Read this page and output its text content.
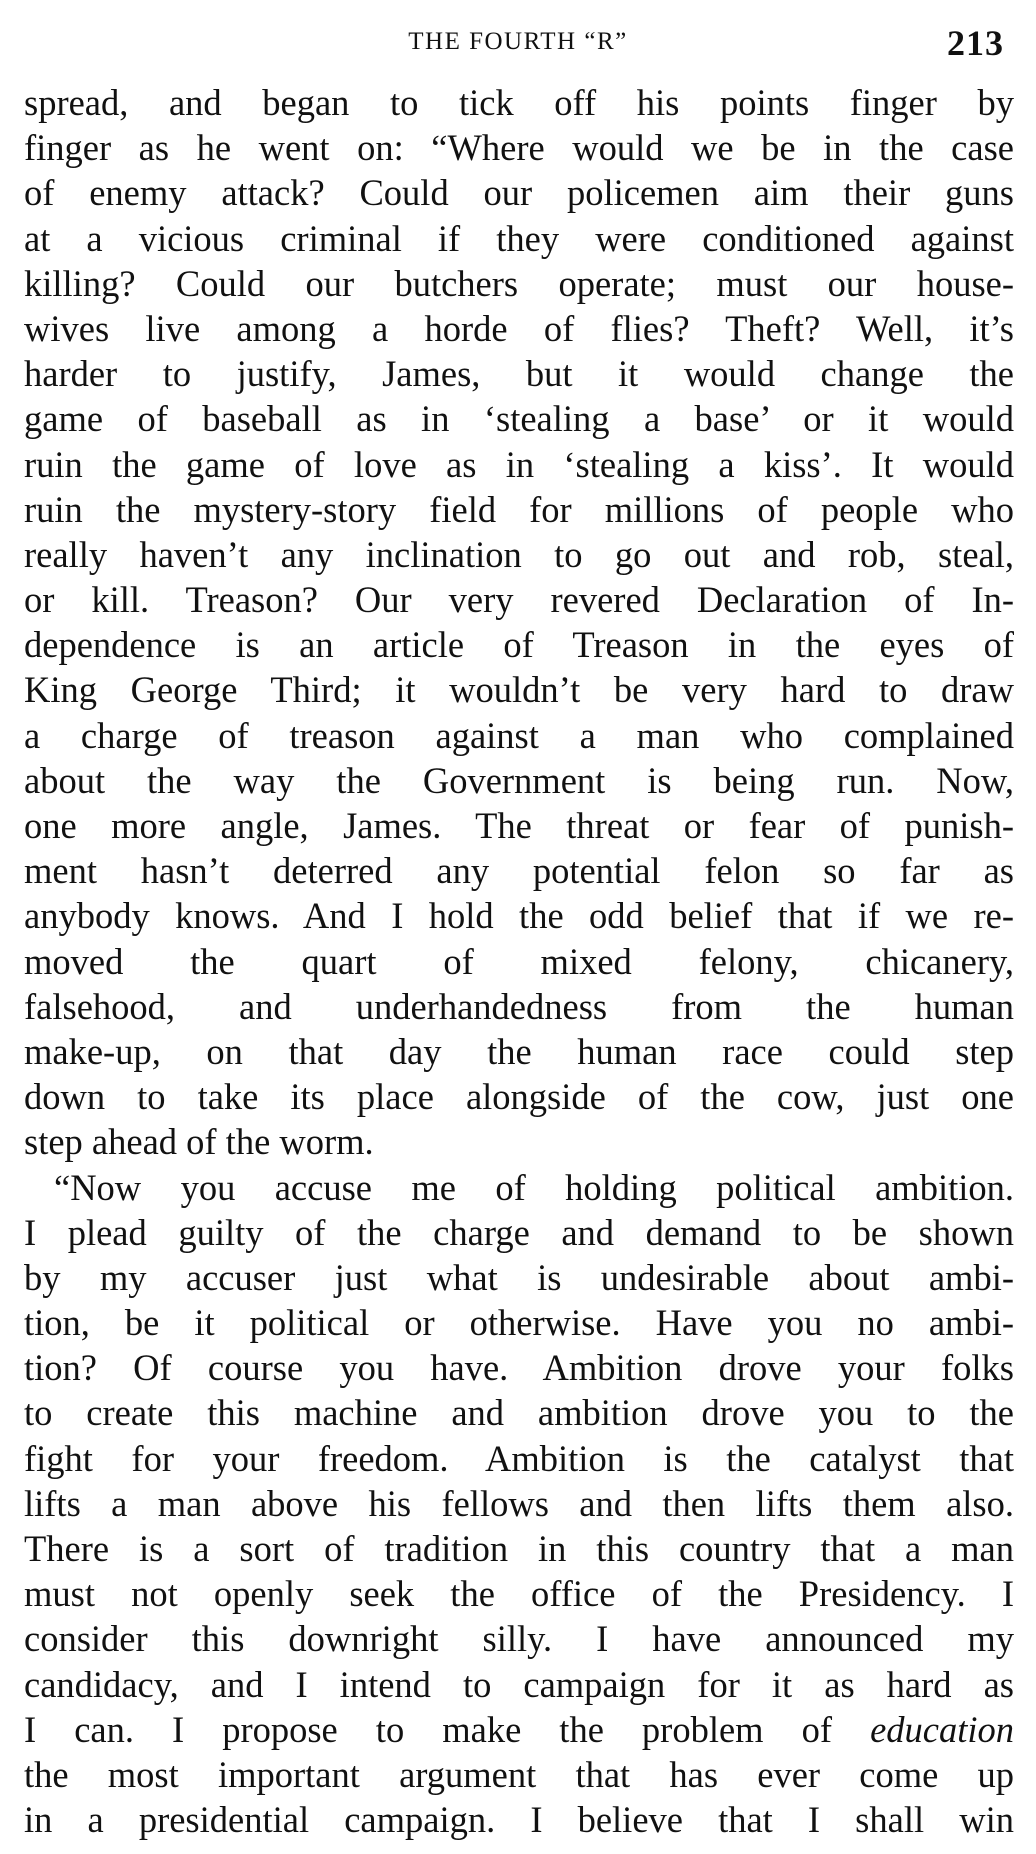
THE FOURTH “R”	213
spread, and began to tick off his points finger by
finger as he went on: “Where would we be in the case
of enemy attack? Could our policemen aim their guns
at a vicious criminal if they were conditioned against
killing? Could our butchers operate; must our house-
wives live among a horde of flies? Theft? Well, it’s
harder to justify, James, but it would change the
game of baseball as in ‘stealing a base’ or it would
ruin the game of love as in ‘stealing a kiss’. It would
ruin the mystery-story field for millions of people who
really haven’t any inclination to go out and rob, steal,
or kill. Treason? Our very revered Declaration of In-
dependence is an article of Treason in the eyes of
King George Third; it wouldn’t be very hard to draw
a charge of treason against a man who complained
about the way the Government is being run. Now,
one more angle, James. The threat or fear of punish-
ment hasn’t deterred any potential felon so far as
anybody knows. And I hold the odd belief that if we re-
moved the quart of mixed felony, chicanery,
falsehood, and underhandedness from the human
make-up, on that day the human race could step
down to take its place alongside of the cow, just one
step ahead of the worm.
“Now you accuse me of holding political ambition.
I plead guilty of the charge and demand to be shown
by my accuser just what is undesirable about ambi-
tion, be it political or otherwise. Have you no ambi-
tion? Of course you have. Ambition drove your folks
to create this machine and ambition drove you to the
fight for your freedom. Ambition is the catalyst that
lifts a man above his fellows and then lifts them also.
There is a sort of tradition in this country that a man
must not openly seek the office of the Presidency. I
consider this downright silly. I have announced my
candidacy, and I intend to campaign for it as hard as
I can. I propose to make the problem of education
the most important argument that has ever come up
in a presidential campaign. I believe that I shall win
